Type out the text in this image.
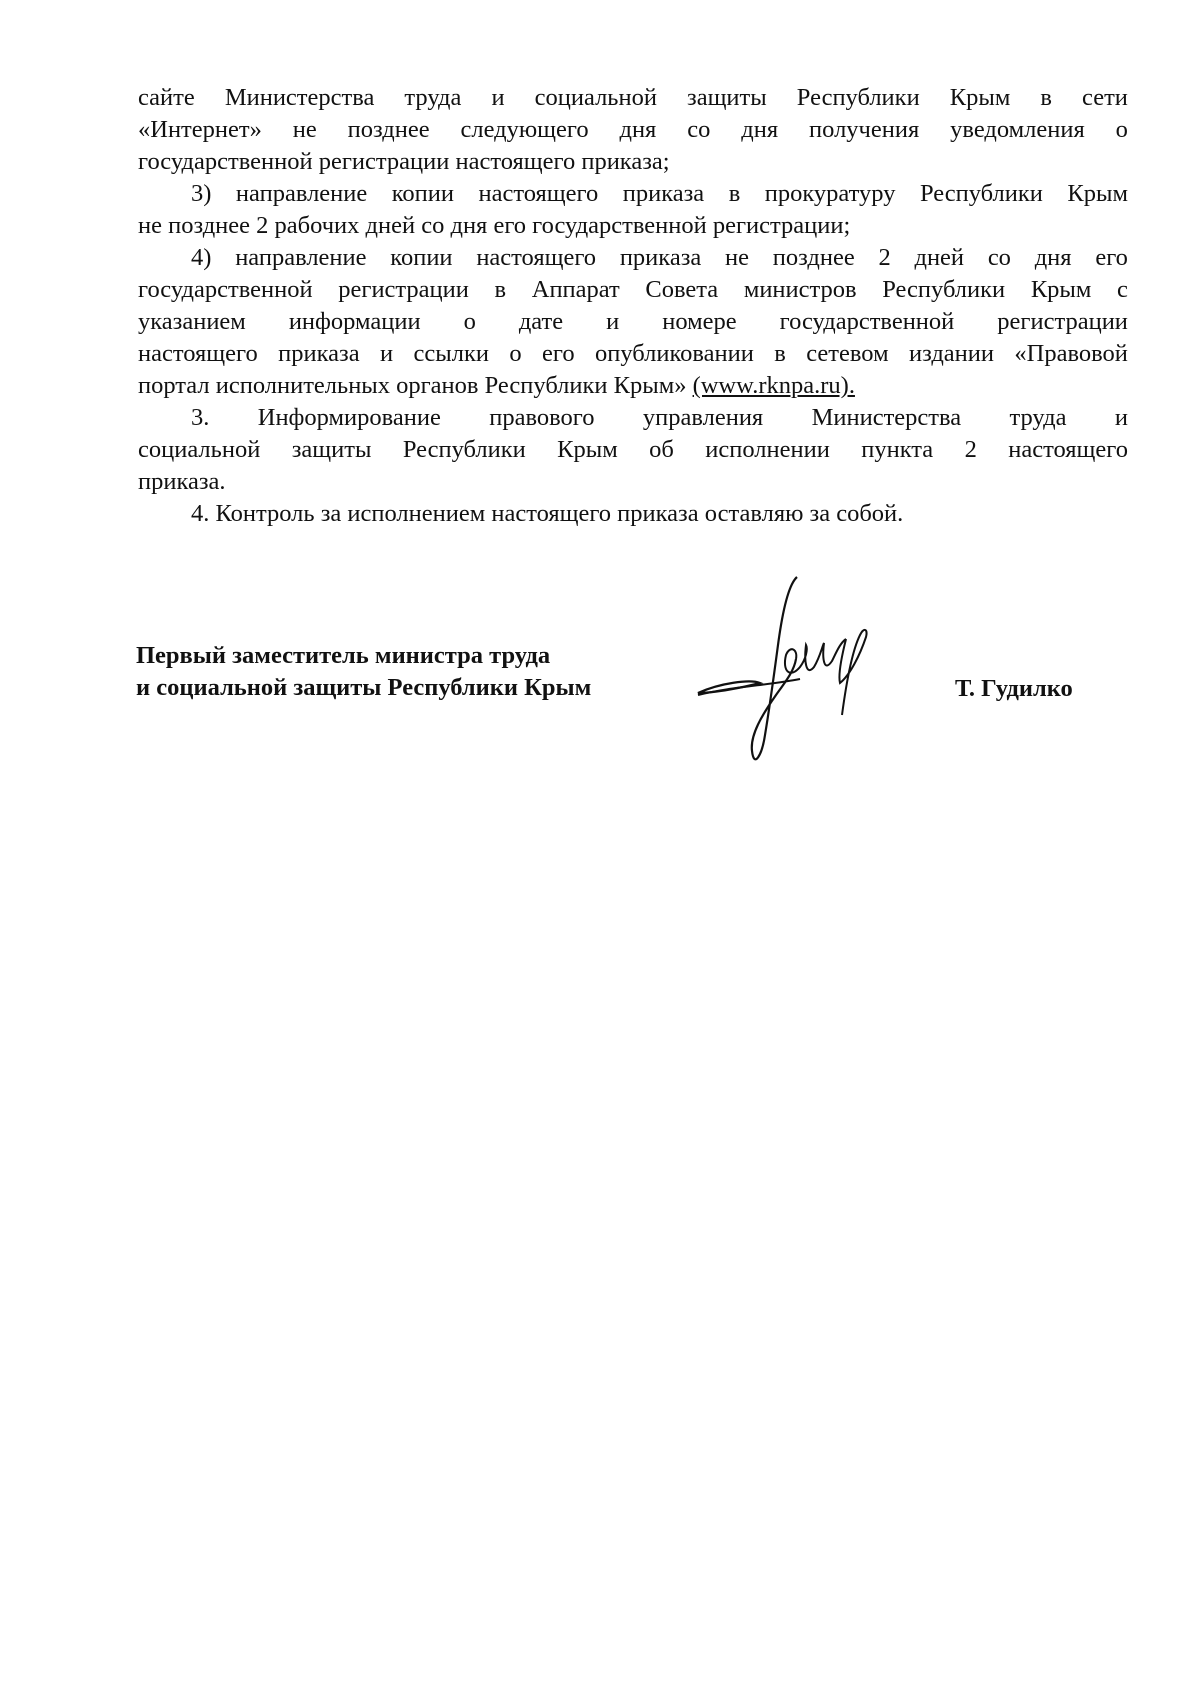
сайте Министерства труда и социальной защиты Республики Крым в сети
«Интернет» не позднее следующего дня со дня получения уведомления о
государственной регистрации настоящего приказа;
3) направление копии настоящего приказа в прокуратуру Республики Крым
не позднее 2 рабочих дней со дня его государственной регистрации;
4) направление копии настоящего приказа не позднее 2 дней со дня его
государственной регистрации в Аппарат Совета министров Республики Крым с
указанием информации о дате и номере государственной регистрации
настоящего приказа и ссылки о его опубликовании в сетевом издании «Правовой
портал исполнительных органов Республики Крым»
(www.rknpa.ru).
3. Информирование правового управления Министерства труда и
социальной защиты Республики Крым об исполнении пункта 2 настоящего
приказа.
4. Контроль за исполнением настоящего приказа оставляю за собой.
Первый заместитель министра труда
и социальной защиты Республики Крым	Т. Гудилко
